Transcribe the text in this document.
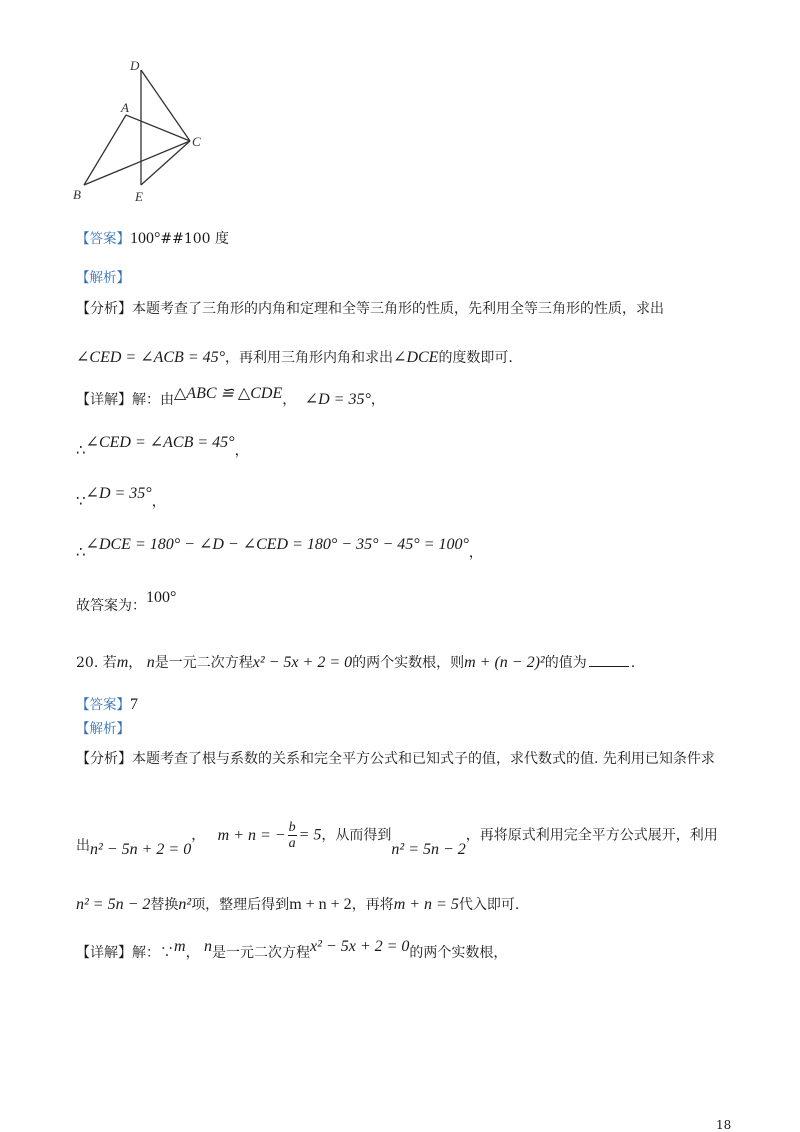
D
A
C
B	E
【答案】100°##100 度
【解析】
【分析】本题考查了三角形的内角和定理和全等三角形的性质，先利用全等三角形的性质，求出
∠CED = ∠ACB = 45°，再利用三角形内角和求出∠DCE的度数即可.
【详解】解：由△ABC ≌ △CDE， ∠D = 35°，
∴∠CED = ∠ACB = 45°，
∵∠D = 35°，
∴∠DCE = 180° − ∠D − ∠CED = 180° − 35° − 45° = 100°，
故答案为：100°
20. 若m， n是一元二次方程x² − 5x + 2 = 0的两个实数根，则m + (n − 2)²的值为	.
【答案】7
【解析】
【分析】本题考查了根与系数的关系和完全平方公式和已知式子的值，求代数式的值. 先利用已知条件求
出n² − 5n + 2 = 0， m + n = − $\frac{b}{a} = 5$，从而得到n² = 5n − 2，再将原式利用完全平方公式展开，利用
n² = 5n − 2替换n²项，整理后得到m + n + 2，再将m + n = 5代入即可.
【详解】解：∵m， n是一元二次方程x² − 5x + 2 = 0的两个实数根，
18
